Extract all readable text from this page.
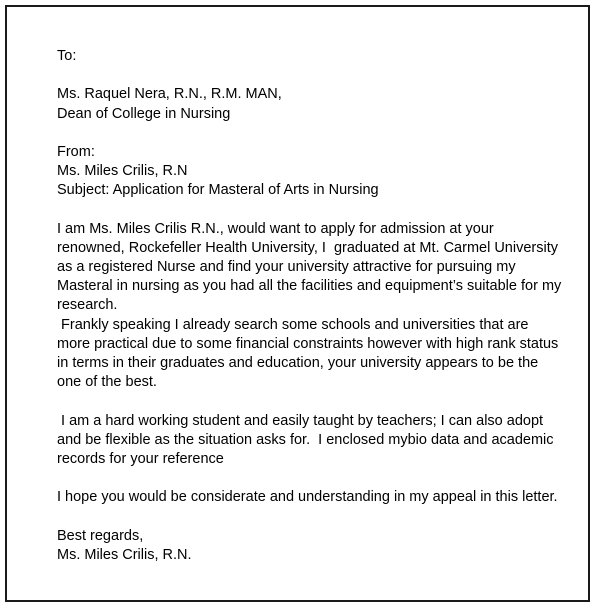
To:
Ms. Raquel Nera, R.N., R.M. MAN,
Dean of College in Nursing
From:
Ms. Miles Crilis, R.N
Subject: Application for Masteral of Arts in Nursing
I am Ms. Miles Crilis R.N., would want to apply for admission at your
renowned, Rockefeller Health University, I  graduated at Mt. Carmel University
as a registered Nurse and find your university attractive for pursuing my
Masteral in nursing as you had all the facilities and equipment’s suitable for my
research.
Frankly speaking I already search some schools and universities that are
more practical due to some financial constraints however with high rank status
in terms in their graduates and education, your university appears to be the
one of the best.
I am a hard working student and easily taught by teachers; I can also adopt
and be flexible as the situation asks for.  I enclosed mybio data and academic
records for your reference
I hope you would be considerate and understanding in my appeal in this letter.
Best regards,
Ms. Miles Crilis, R.N.
